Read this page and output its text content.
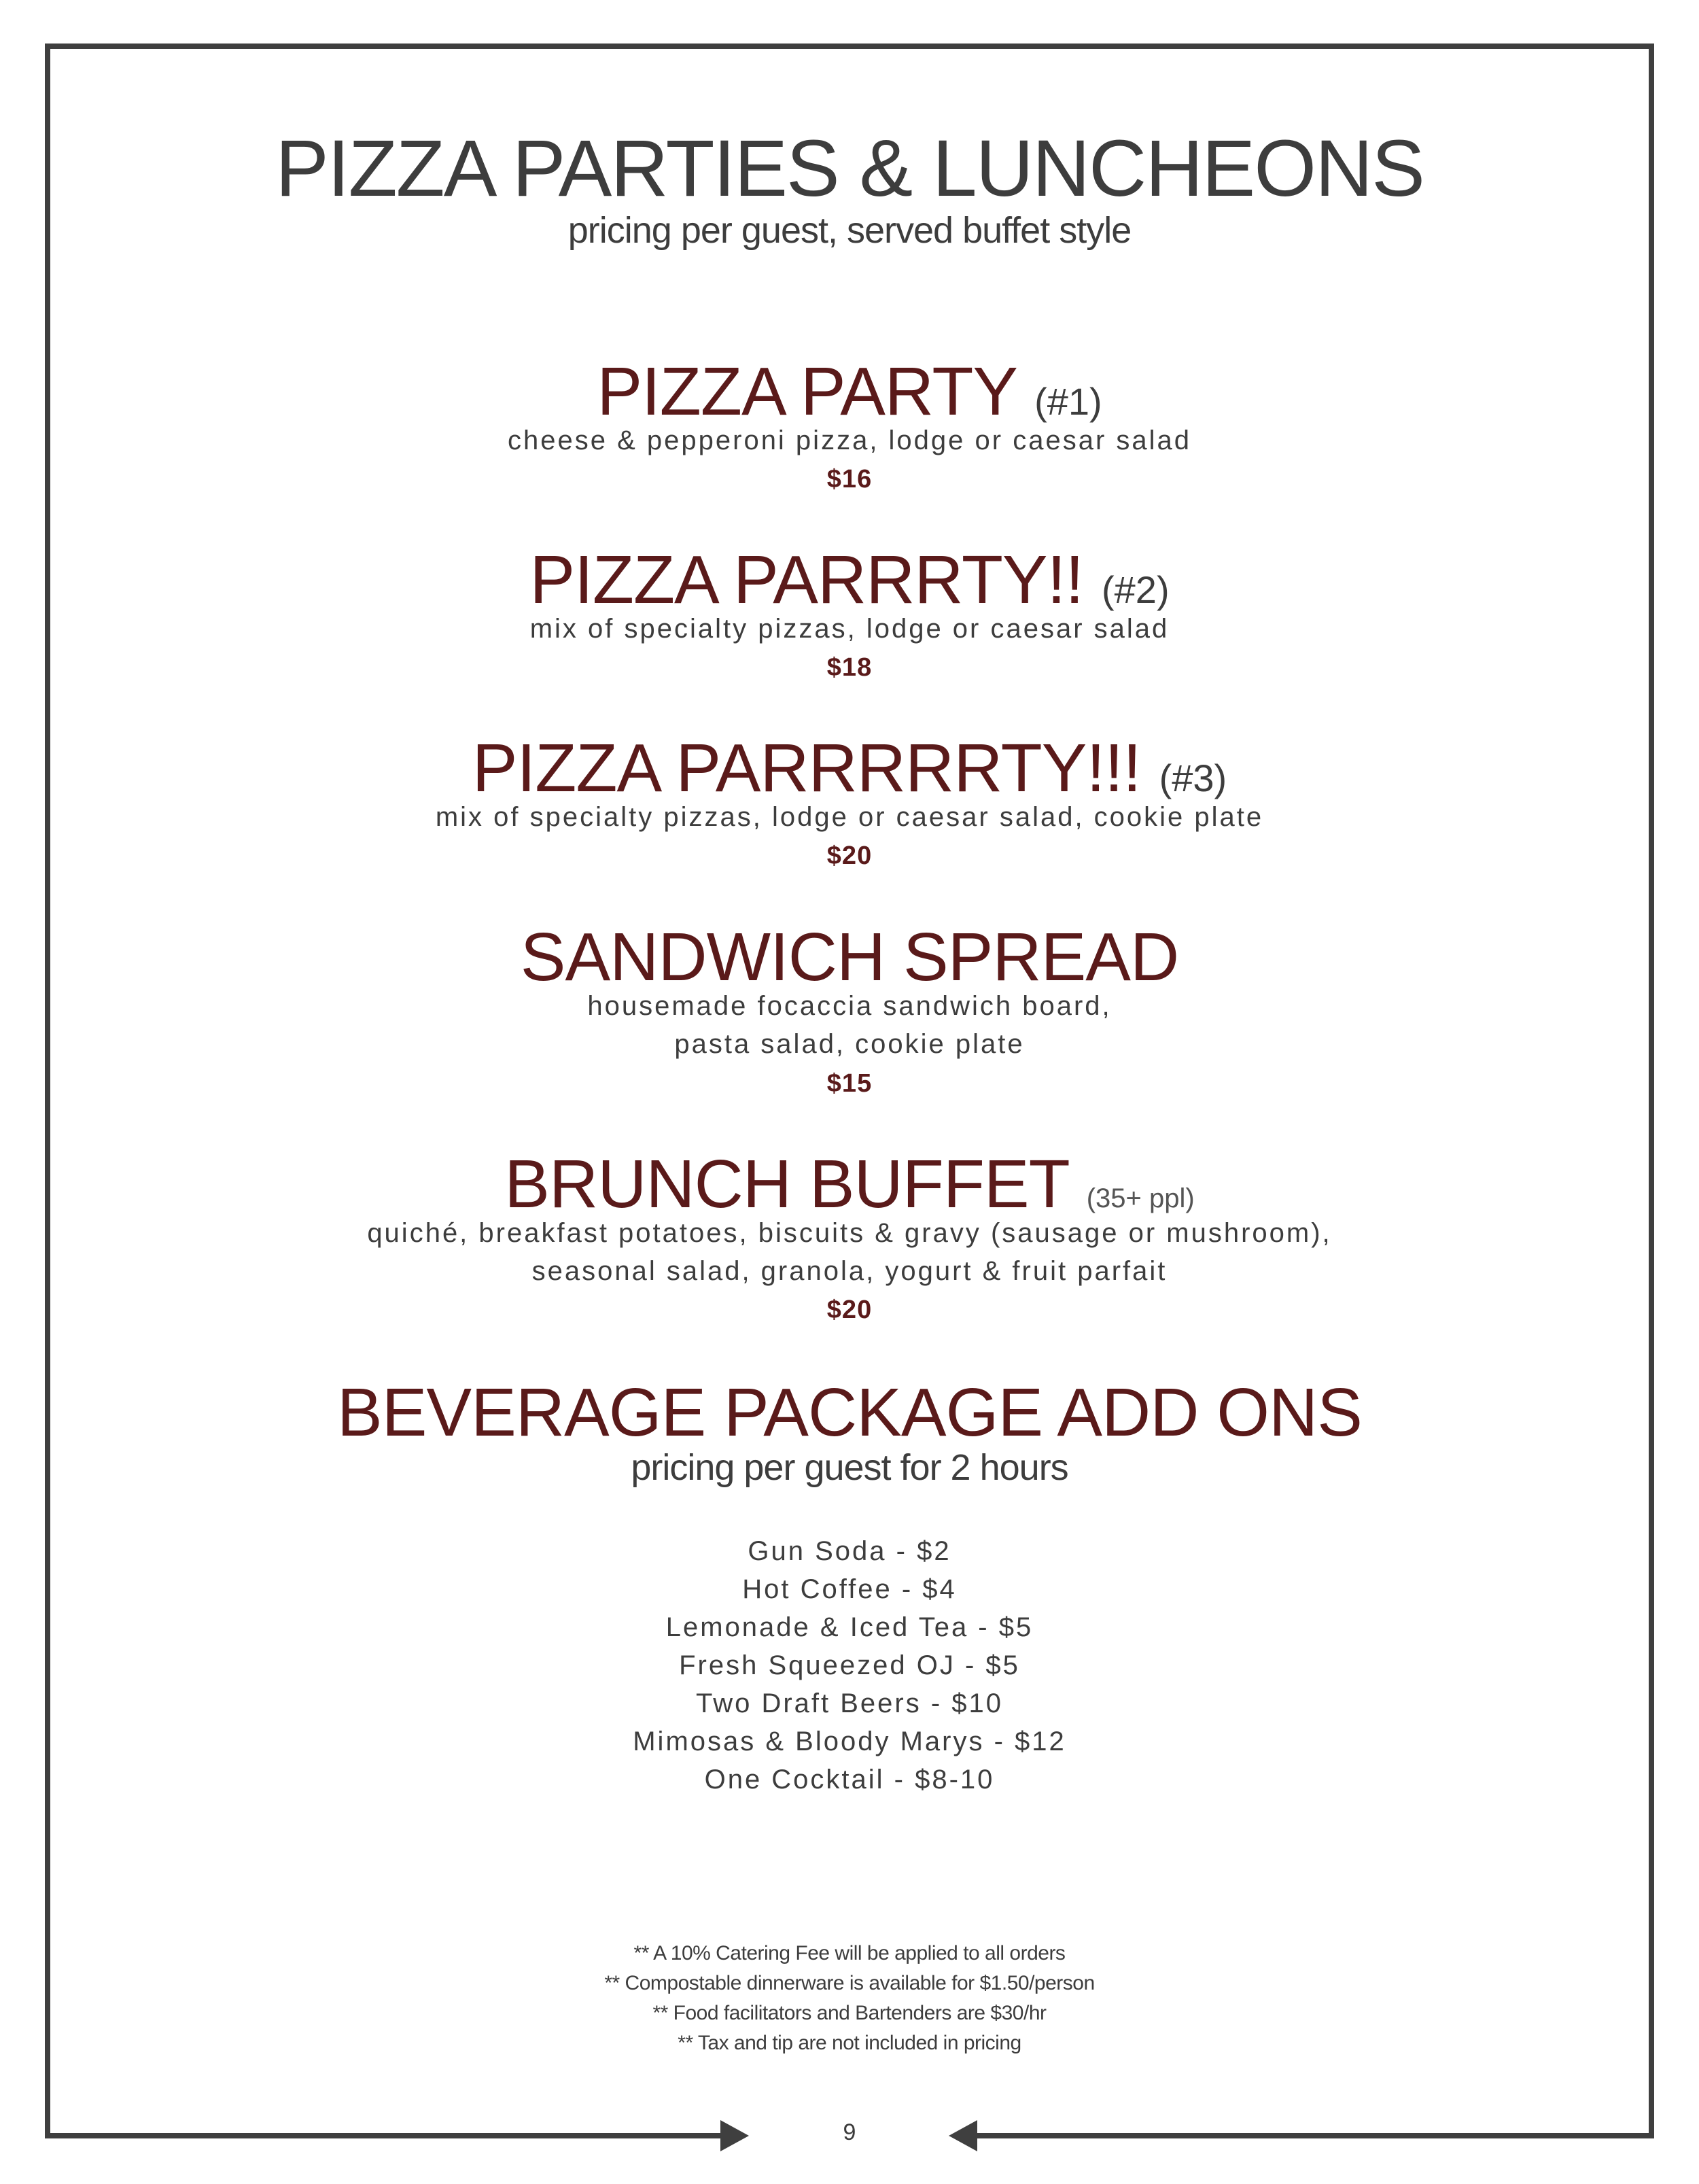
9
PIZZA PARTIES & LUNCHEONS
pricing per guest, served buffet style
PIZZA PARTY (#1)
cheese & pepperoni pizza, lodge or caesar salad
$16
PIZZA PARRRTY!! (#2)
mix of specialty pizzas, lodge or caesar salad
$18
PIZZA PARRRRRTY!!! (#3)
mix of specialty pizzas, lodge or caesar salad, cookie plate
$20
SANDWICH SPREAD
housemade focaccia sandwich board,
pasta salad, cookie plate
$15
BRUNCH BUFFET (35+ ppl)
quiché, breakfast potatoes, biscuits & gravy (sausage or mushroom),
seasonal salad, granola, yogurt & fruit parfait
$20
BEVERAGE PACKAGE ADD ONS
pricing per guest for 2 hours
Gun Soda - $2
Hot Coffee - $4
Lemonade & Iced Tea - $5
Fresh Squeezed OJ - $5
Two Draft Beers - $10
Mimosas & Bloody Marys - $12
One Cocktail - $8-10
** A 10% Catering Fee will be applied to all orders
** Compostable dinnerware is available for $1.50/person
** Food facilitators and Bartenders are $30/hr
** Tax and tip are not included in pricing
